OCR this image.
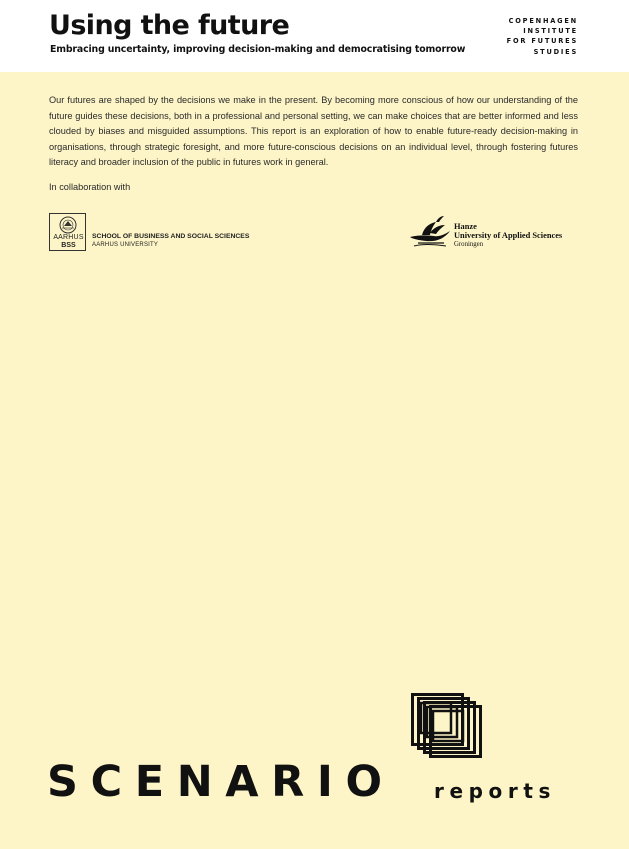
Using the future

Embracing uncertainty, improving decision-making and democratising tomorrow

COPENHAGEN
INSTITUTE
FOR FUTURES
STUDIES

Our futures are shaped by the decisions we make in the present. By becoming more conscious of how our understanding of the future guides these decisions, both in a professional and personal setting, we can make choices that are better informed and less clouded by biases and misguided assumptions. This report is an exploration of how to enable future-ready decision-making in organisations, through strategic foresight, and more future-conscious decisions on an individual level, through fostering futures literacy and broader inclusion of the public in futures work in general.

In collaboration with

AARHUS
BSS
SCHOOL OF BUSINESS AND SOCIAL SCIENCES
AARHUS UNIVERSITY
Hanze
University of Applied Sciences
Groningen

SCENARIO reports
